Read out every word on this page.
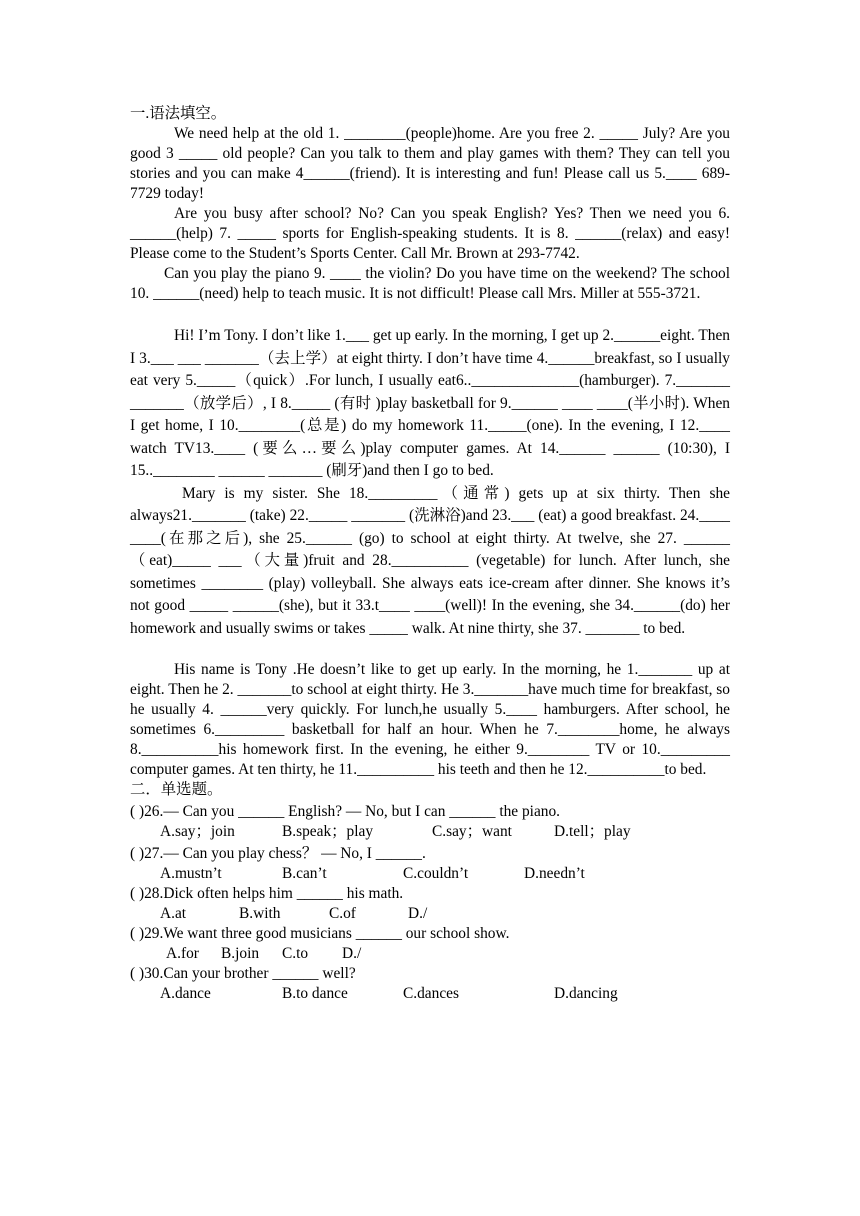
一.语法填空。

We need help at the old 1. ________(people)home. Are you free 2. _____ July? Are you good 3 _____ old people? Can you talk to them and play games with them? They can tell you stories and you can make 4______(friend). It is interesting and fun! Please call us 5.____ 689-7729 today!

Are you busy after school? No? Can you speak English? Yes? Then we need you 6. ______(help) 7. _____ sports for English-speaking students. It is 8. ______(relax) and easy! Please come to the Student’s Sports Center. Call Mr. Brown at 293-7742.

Can you play the piano 9. ____ the violin? Do you have time on the weekend? The school 10. ______(need) help to teach music. It is not difficult! Please call Mrs. Miller at 555-3721.

Hi! I’m Tony. I don’t like 1.___ get up early. In the morning, I get up 2.______eight. Then I 3.___ ___ _______（去上学）at eight thirty. I don’t have time 4.______breakfast, so I usually eat very 5._____（quick）.For lunch, I usually eat6..______________(hamburger). 7._______ _______（放学后）, I 8._____ (有时 )play basketball for 9.______ ____ ____(半小时). When I get home, I 10.________(总是) do my homework 11._____(one). In the evening, I 12.____ watch TV13.____ (要么…要么)play computer games. At 14.______ ______ (10:30), I 15..________ ______ _______ (刷牙)and then I go to bed.

Mary is my sister. She 18._________（通常) gets up at six thirty. Then she always21._______ (take) 22._____ _______ (洗淋浴)and 23.___ (eat) a good breakfast. 24.____ ____(在那之后), she 25.______ (go) to school at eight thirty. At twelve, she 27. ______（eat)_____ ___（大量)fruit and 28.__________ (vegetable) for lunch. After lunch, she sometimes ________ (play) volleyball. She always eats ice-cream after dinner. She knows it’s not good _____ ______(she), but it 33.t____ ____(well)! In the evening, she 34.______(do) her homework and usually swims or takes _____ walk. At nine thirty, she 37. _______ to bed.

His name is Tony .He doesn’t like to get up early. In the morning, he 1._______ up at eight. Then he 2. _______to school at eight thirty. He 3._______have much time for breakfast, so he usually 4. ______very quickly. For lunch,he usually 5.____ hamburgers. After school, he sometimes 6._________ basketball for half an hour. When he 7.________home, he always 8.__________his homework first. In the evening, he either 9.________ TV or 10._________ computer games. At ten thirty, he 11.__________ his teeth and then he 12.__________to bed.

二．单选题。

( )26.— Can you ______ English? — No, but I can ______ the piano.

A.say；join	B.speak；play	C.say；want	D.tell；play

( )27.— Can you play chess？ — No, I ______.

A.mustn’t	B.can’t	C.couldn’t	D.needn’t

( )28.Dick often helps him ______ his math.

A.at	B.with	C.of	D./

( )29.We want three good musicians ______ our school show.

A.for B.join C.to D./

( )30.Can your brother ______ well?

A.dance	B.to dance	C.dances	D.dancing
